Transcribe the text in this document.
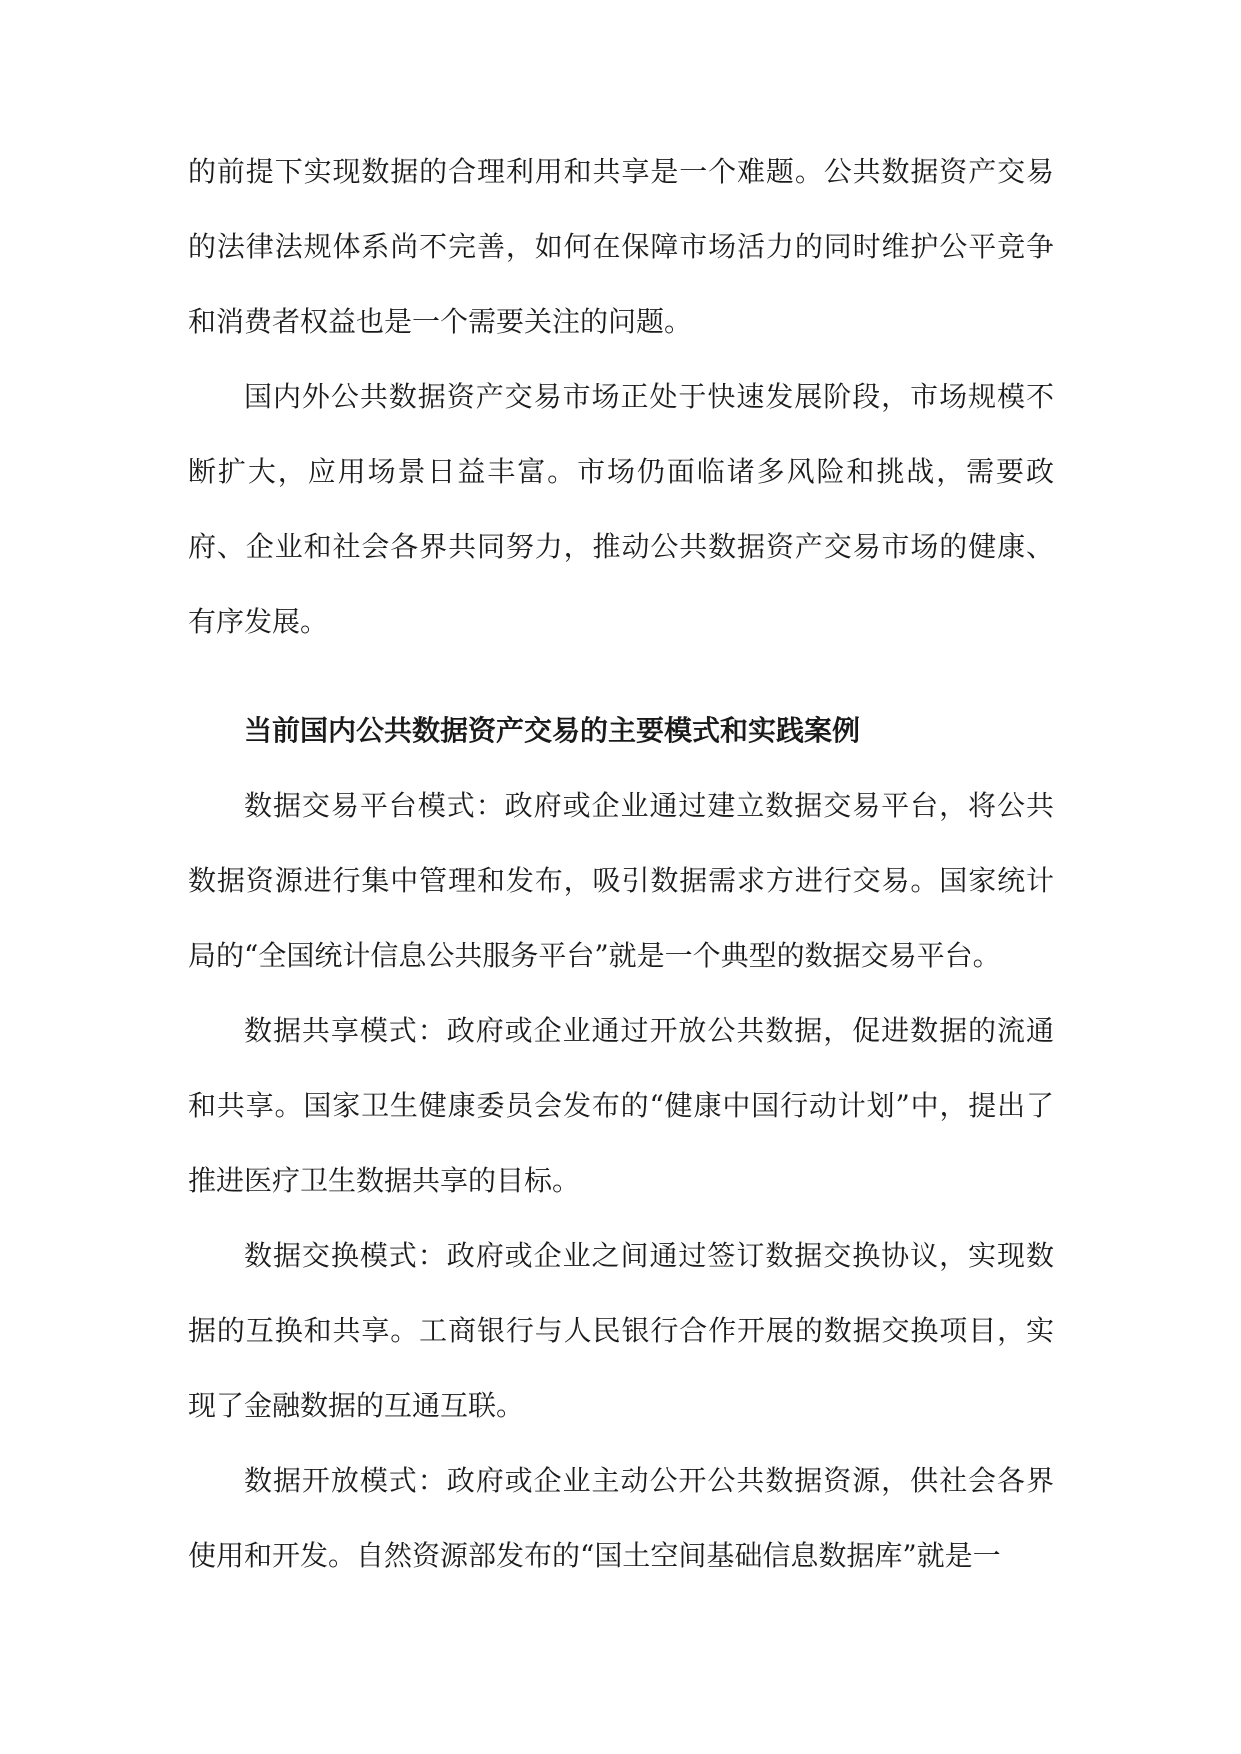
的前提下实现数据的合理利用和共享是一个难题。公共数据资产交易的法律法规体系尚不完善，如何在保障市场活力的同时维护公平竞争和消费者权益也是一个需要关注的问题。

国内外公共数据资产交易市场正处于快速发展阶段，市场规模不断扩大，应用场景日益丰富。市场仍面临诸多风险和挑战，需要政府、企业和社会各界共同努力，推动公共数据资产交易市场的健康、有序发展。

当前国内公共数据资产交易的主要模式和实践案例

数据交易平台模式：政府或企业通过建立数据交易平台，将公共数据资源进行集中管理和发布，吸引数据需求方进行交易。国家统计局的“全国统计信息公共服务平台”就是一个典型的数据交易平台。

数据共享模式：政府或企业通过开放公共数据，促进数据的流通和共享。国家卫生健康委员会发布的“健康中国行动计划”中，提出了推进医疗卫生数据共享的目标。

数据交换模式：政府或企业之间通过签订数据交换协议，实现数据的互换和共享。工商银行与人民银行合作开展的数据交换项目，实现了金融数据的互通互联。

数据开放模式：政府或企业主动公开公共数据资源，供社会各界使用和开发。自然资源部发布的“国土空间基础信息数据库”就是一
